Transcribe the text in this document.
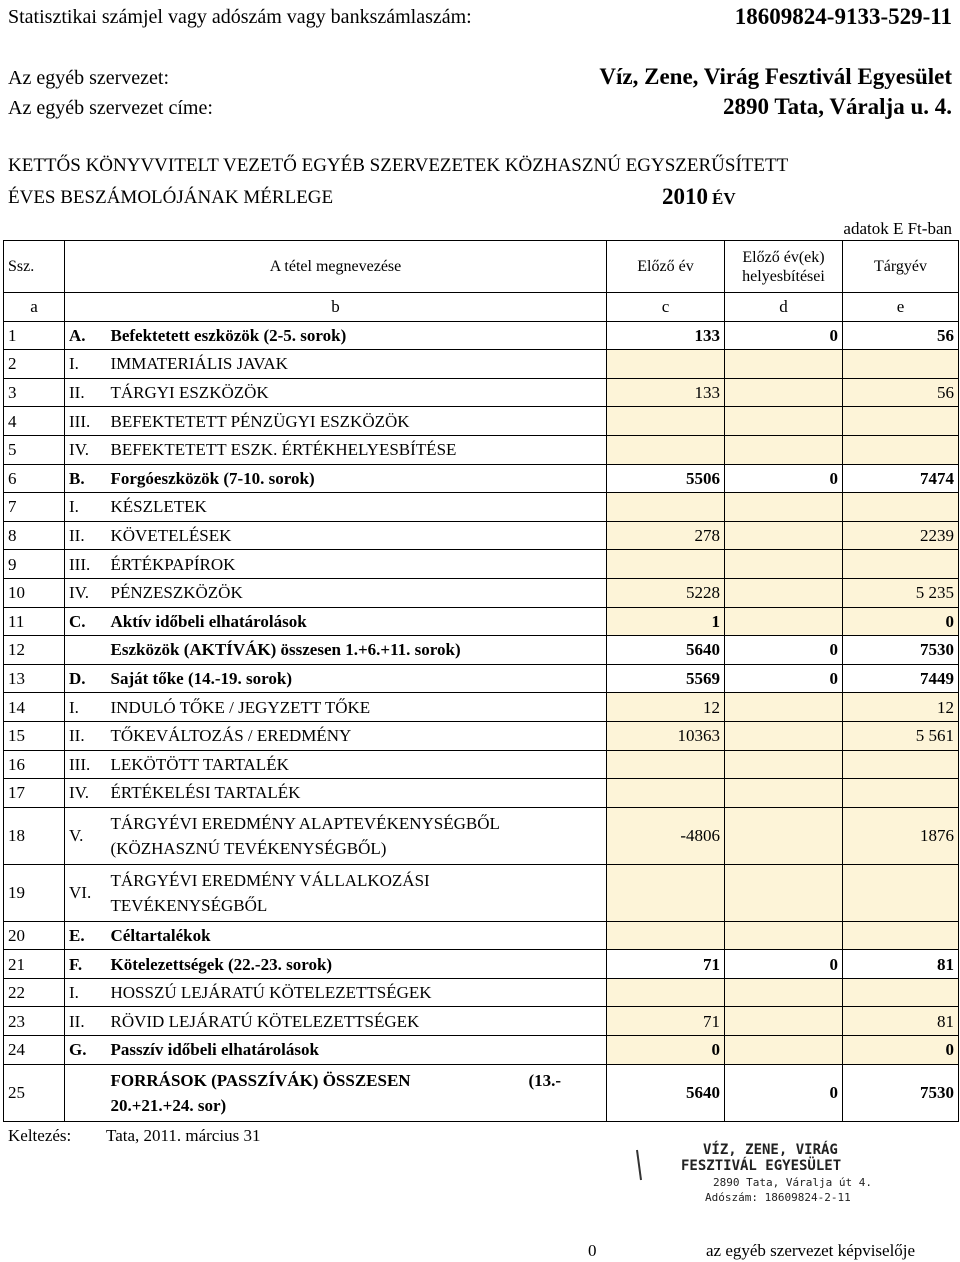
Statisztikai számjel vagy adószám vagy bankszámlaszám:	18609824-9133-529-11
Az egyéb szervezet:	Víz, Zene, Virág Fesztivál Egyesület
Az egyéb szervezet címe:	2890 Tata, Váralja u. 4.
KETTŐS KÖNYVVITELT VEZETŐ EGYÉB SZERVEZETEK KÖZHASZNÚ EGYSZERŰSÍTETT
ÉVES BESZÁMOLÓJÁNAK MÉRLEGE	2010 ÉV
adatok E Ft-ban
Ssz.	A tétel megnevezése		Előző év	Előző év(ek)
helyesbítései	Tárgyév
a	b		c	d	e
1	A.	Befektetett eszközök (2-5. sorok)	133	0	56
2	I.	IMMATERIÁLIS JAVAK			
3	II.	TÁRGYI ESZKÖZÖK	133		56
4	III.	BEFEKTETETT PÉNZÜGYI ESZKÖZÖK			
5	IV.	BEFEKTETETT ESZK. ÉRTÉKHELYESBÍTÉSE			
6	B.	Forgóeszközök (7-10. sorok)	5506	0	7474
7	I.	KÉSZLETEK			
8	II.	KÖVETELÉSEK	278		2239
9	III.	ÉRTÉKPAPÍROK			
10	IV.	PÉNZESZKÖZÖK	5228		5 235
11	C.	Aktív időbeli elhatárolások	1		0
12		Eszközök (AKTÍVÁK) összesen 1.+6.+11. sorok)	5640	0	7530
13	D.	Saját tőke (14.-19. sorok)	5569	0	7449
14	I.	INDULÓ TŐKE / JEGYZETT TŐKE	12		12
15	II.	TŐKEVÁLTOZÁS / EREDMÉNY	10363		5 561
16	III.	LEKÖTÖTT TARTALÉK			
17	IV.	ÉRTÉKELÉSI TARTALÉK			
18	V.	TÁRGYÉVI EREDMÉNY ALAPTEVÉKENYSÉGBŐL
(KÖZHASZNÚ TEVÉKENYSÉGBŐL)	-4806		1876
19	VI.	TÁRGYÉVI EREDMÉNY VÁLLALKOZÁSI
TEVÉKENYSÉGBŐL			

20	E.	Céltartalékok			
21	F.	Kötelezettségek (22.-23. sorok)	71	0	81
22	I.	HOSSZÚ LEJÁRATÚ KÖTELEZETTSÉGEK			
23	II.	RÖVID LEJÁRATÚ KÖTELEZETTSÉGEK	71		81
24	G.	Passzív időbeli elhatárolások	0		0
25		FORRÁSOK (PASSZÍVÁK) ÖSSZESEN (13.-
20.+21.+24. sor)	5640	0	7530
Keltezés: Tata, 2011. március 31
0	az egyéb szervezet képviselője
VÍZ, ZENE, VIRÁG
FESZTIVÁL EGYESÜLET
2890 Tata, Váralja út 4.
Adószám: 18609824-2-11
